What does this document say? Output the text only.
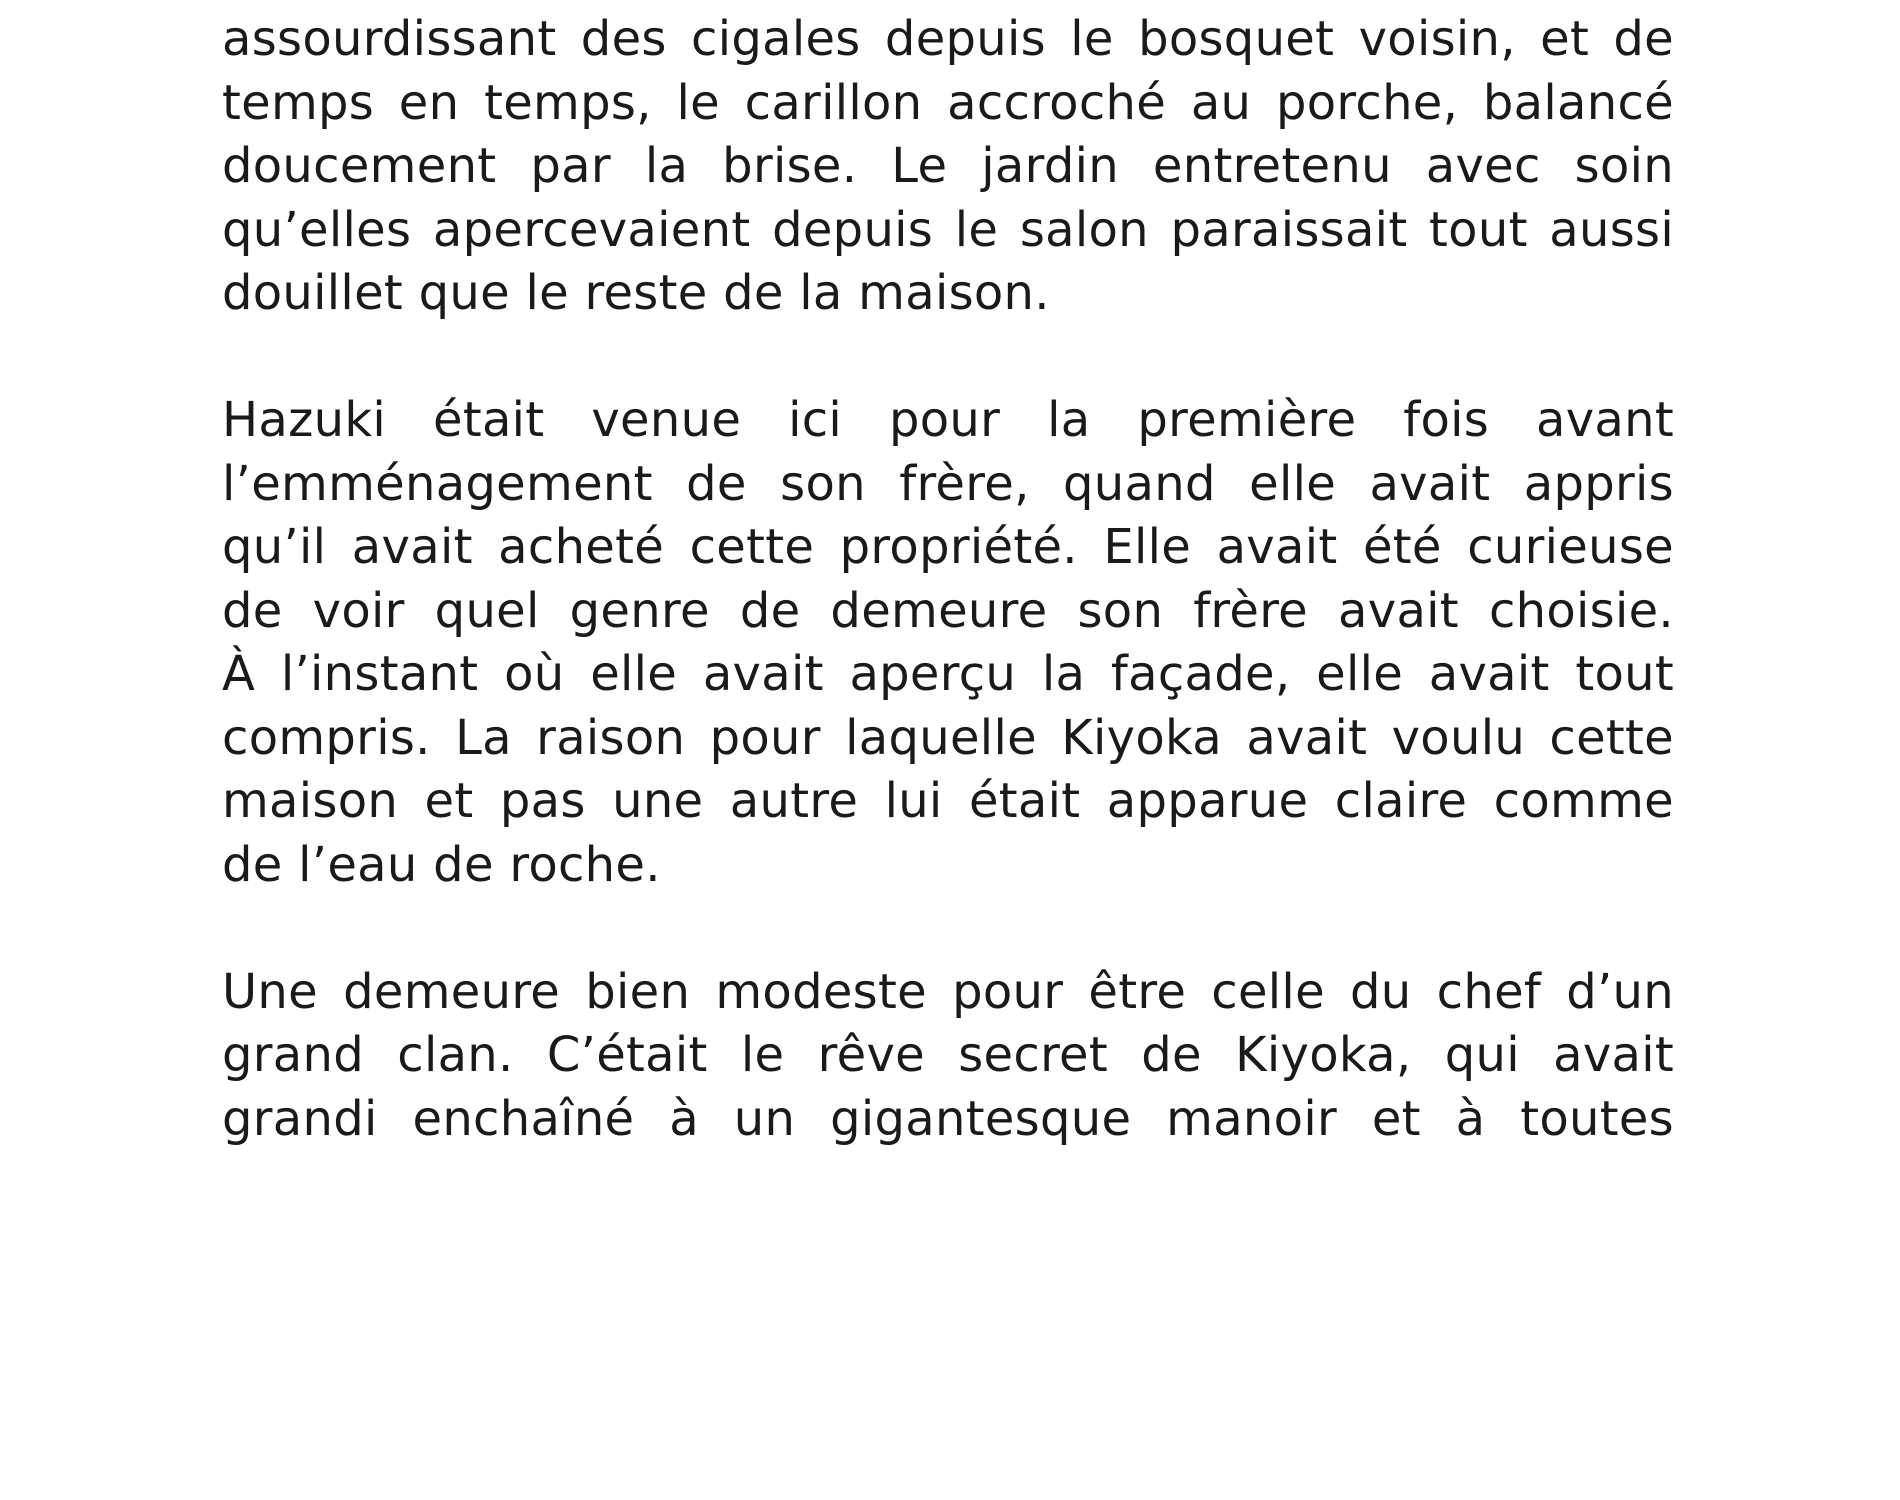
assourdissant des cigales depuis le bosquet voisin, et de
temps en temps, le carillon accroché au porche, balancé
doucement par la brise. Le jardin entretenu avec soin
qu’elles apercevaient depuis le salon paraissait tout aussi
douillet que le reste de la maison.
Hazuki était venue ici pour la première fois avant
l’emménagement de son frère, quand elle avait appris
qu’il avait acheté cette propriété. Elle avait été curieuse
de voir quel genre de demeure son frère avait choisie.
À l’instant où elle avait aperçu la façade, elle avait tout
compris. La raison pour laquelle Kiyoka avait voulu cette
maison et pas une autre lui était apparue claire comme
de l’eau de roche.
Une demeure bien modeste pour être celle du chef d’un
grand clan. C’était le rêve secret de Kiyoka, qui avait
grandi enchaîné à un gigantesque manoir et à toutes
